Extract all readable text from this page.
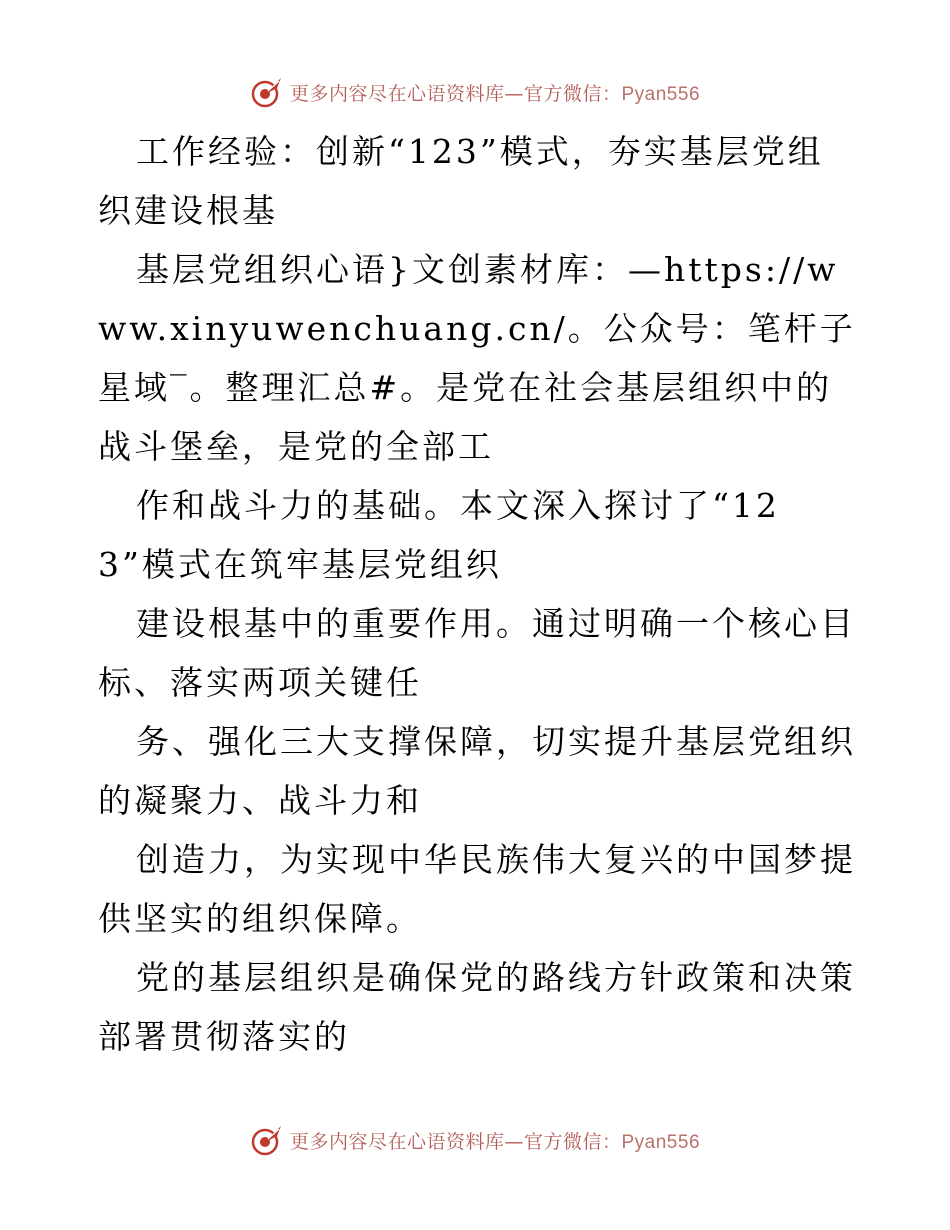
更多内容尽在心语资料库—官方微信：Pyan556

工作经验：创新“123”模式，夯实基层党组织建设根基

基层党组织心语}文创素材库：—https://www.xinyuwenchuang.cn/。公众号：笔杆子星域‾。整理汇总#。是党在社会基层组织中的战斗堡垒，是党的全部工

作和战斗力的基础。本文深入探讨了“123”模式在筑牢基层党组织

建设根基中的重要作用。通过明确一个核心目标、落实两项关键任

务、强化三大支撑保障，切实提升基层党组织的凝聚力、战斗力和

创造力，为实现中华民族伟大复兴的中国梦提供坚实的组织保障。

党的基层组织是确保党的路线方针政策和决策部署贯彻落实的

更多内容尽在心语资料库—官方微信：Pyan556
